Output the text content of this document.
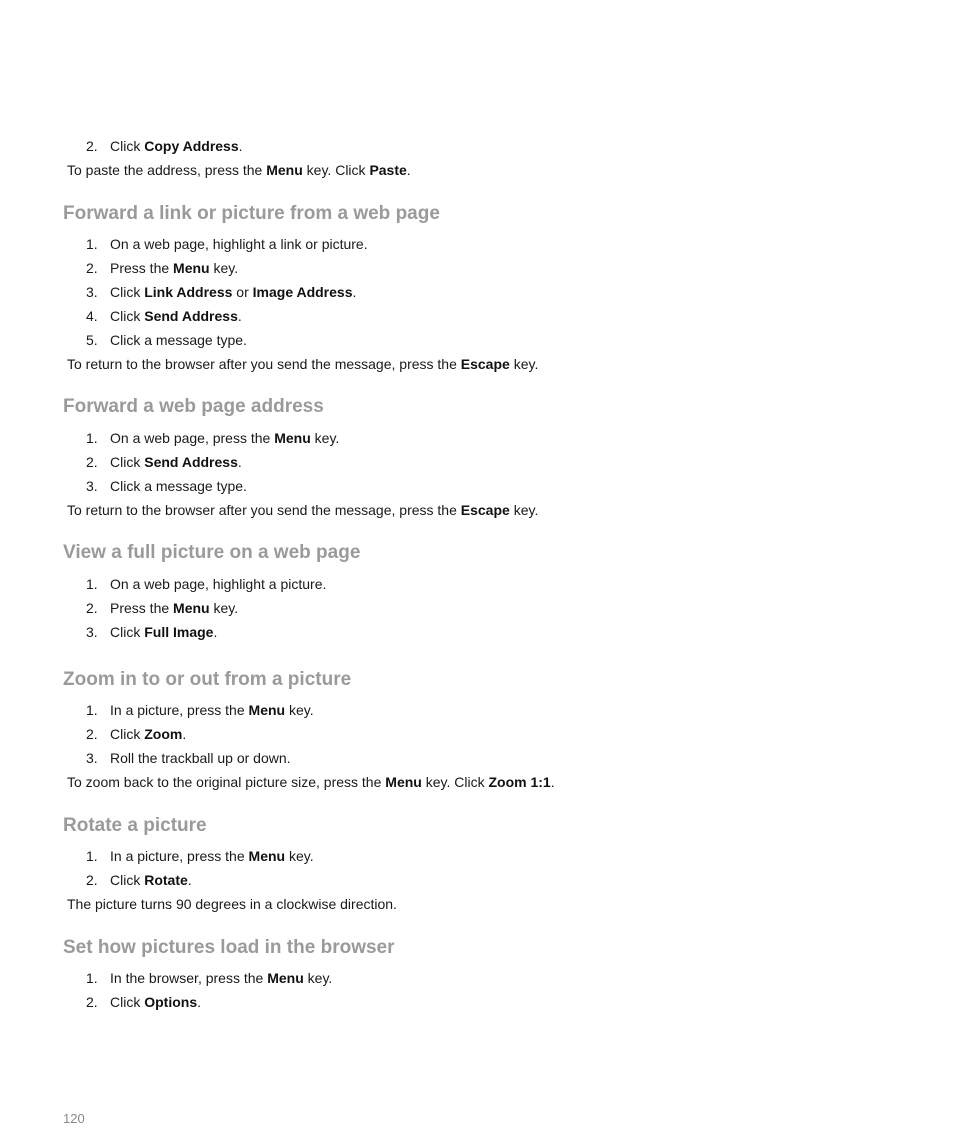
2. Click Copy Address.
To paste the address, press the Menu key. Click Paste.
Forward a link or picture from a web page
1. On a web page, highlight a link or picture.
2. Press the Menu key.
3. Click Link Address or Image Address.
4. Click Send Address.
5. Click a message type.
To return to the browser after you send the message, press the Escape key.
Forward a web page address
1. On a web page, press the Menu key.
2. Click Send Address.
3. Click a message type.
To return to the browser after you send the message, press the Escape key.
View a full picture on a web page
1. On a web page, highlight a picture.
2. Press the Menu key.
3. Click Full Image.
Zoom in to or out from a picture
1. In a picture, press the Menu key.
2. Click Zoom.
3. Roll the trackball up or down.
To zoom back to the original picture size, press the Menu key. Click Zoom 1:1.
Rotate a picture
1. In a picture, press the Menu key.
2. Click Rotate.
The picture turns 90 degrees in a clockwise direction.
Set how pictures load in the browser
1. In the browser, press the Menu key.
2. Click Options.
120
